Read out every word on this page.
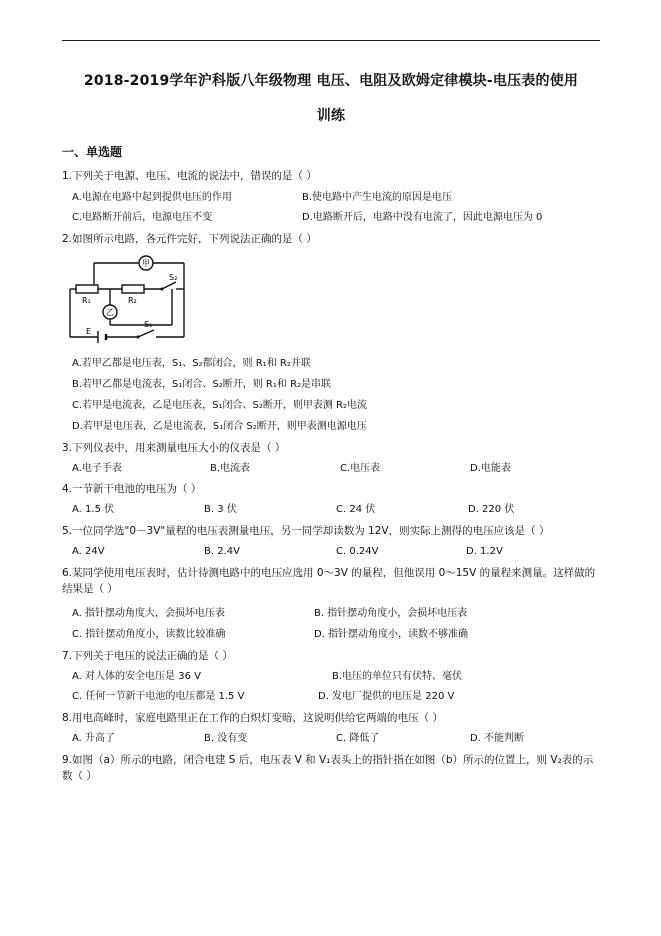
2018-2019学年沪科版八年级物理 电压、电阻及欧姆定律模块-电压表的使用
训练
一、单选题
1.下列关于电源、电压、电流的说法中，错误的是（ ）
A.电源在电路中起到提供电压的作用	B.使电路中产生电流的原因是电压
C.电路断开前后，电源电压不变	D.电路断开后，电路中没有电流了，因此电源电压为 0
2.如图所示电路，各元件完好，下列说法正确的是（ ）
甲
R₁	R₂
S₂
乙
E
S₁
A.若甲乙都是电压表，S₁、S₂都闭合，则 R₁和 R₂并联
B.若甲乙都是电流表，S₁闭合、S₂断开，则 R₁和 R₂是串联
C.若甲是电流表，乙是电压表，S₁闭合、S₂断开，则甲表测 R₂电流
D.若甲是电压表，乙是电流表，S₁闭合 S₂断开，则甲表测电源电压
3.下列仪表中，用来测量电压大小的仪表是（ ）
A.电子手表	B.电流表	C.电压表	D.电能表
4.一节新干电池的电压为（ ）
A. 1.5 伏	B. 3 伏	C. 24 伏	D. 220 伏
5.一位同学选"0－3V"量程的电压表测量电压，另一同学却读数为 12V，则实际上测得的电压应该是（ ）
A. 24V	B. 2.4V	C. 0.24V	D. 1.2V
6.某同学使用电压表时，估计待测电路中的电压应选用 0～3V 的量程，但他误用 0～15V 的量程来测量。这样做的结果是（ ）
A. 指针摆动角度大，会损坏电压表	B. 指针摆动角度小，会损坏电压表
C. 指针摆动角度小，读数比较准确	D. 指针摆动角度小，读数不够准确
7.下列关于电压的说法正确的是（ ）
A. 对人体的安全电压是 36 V	B.电压的单位只有伏特、毫伏
C. 任何一节新干电池的电压都是 1.5 V	D. 发电厂提供的电压是 220 V
8.用电高峰时，家庭电路里正在工作的白炽灯变暗，这说明供给它两端的电压（ ）
A. 升高了	B. 没有变	C. 降低了	D. 不能判断
9.如图（a）所示的电路，闭合电建 S 后，电压表 V 和 V₁表头上的指针指在如图（b）所示的位置上，则 V₂表的示数（ ）
